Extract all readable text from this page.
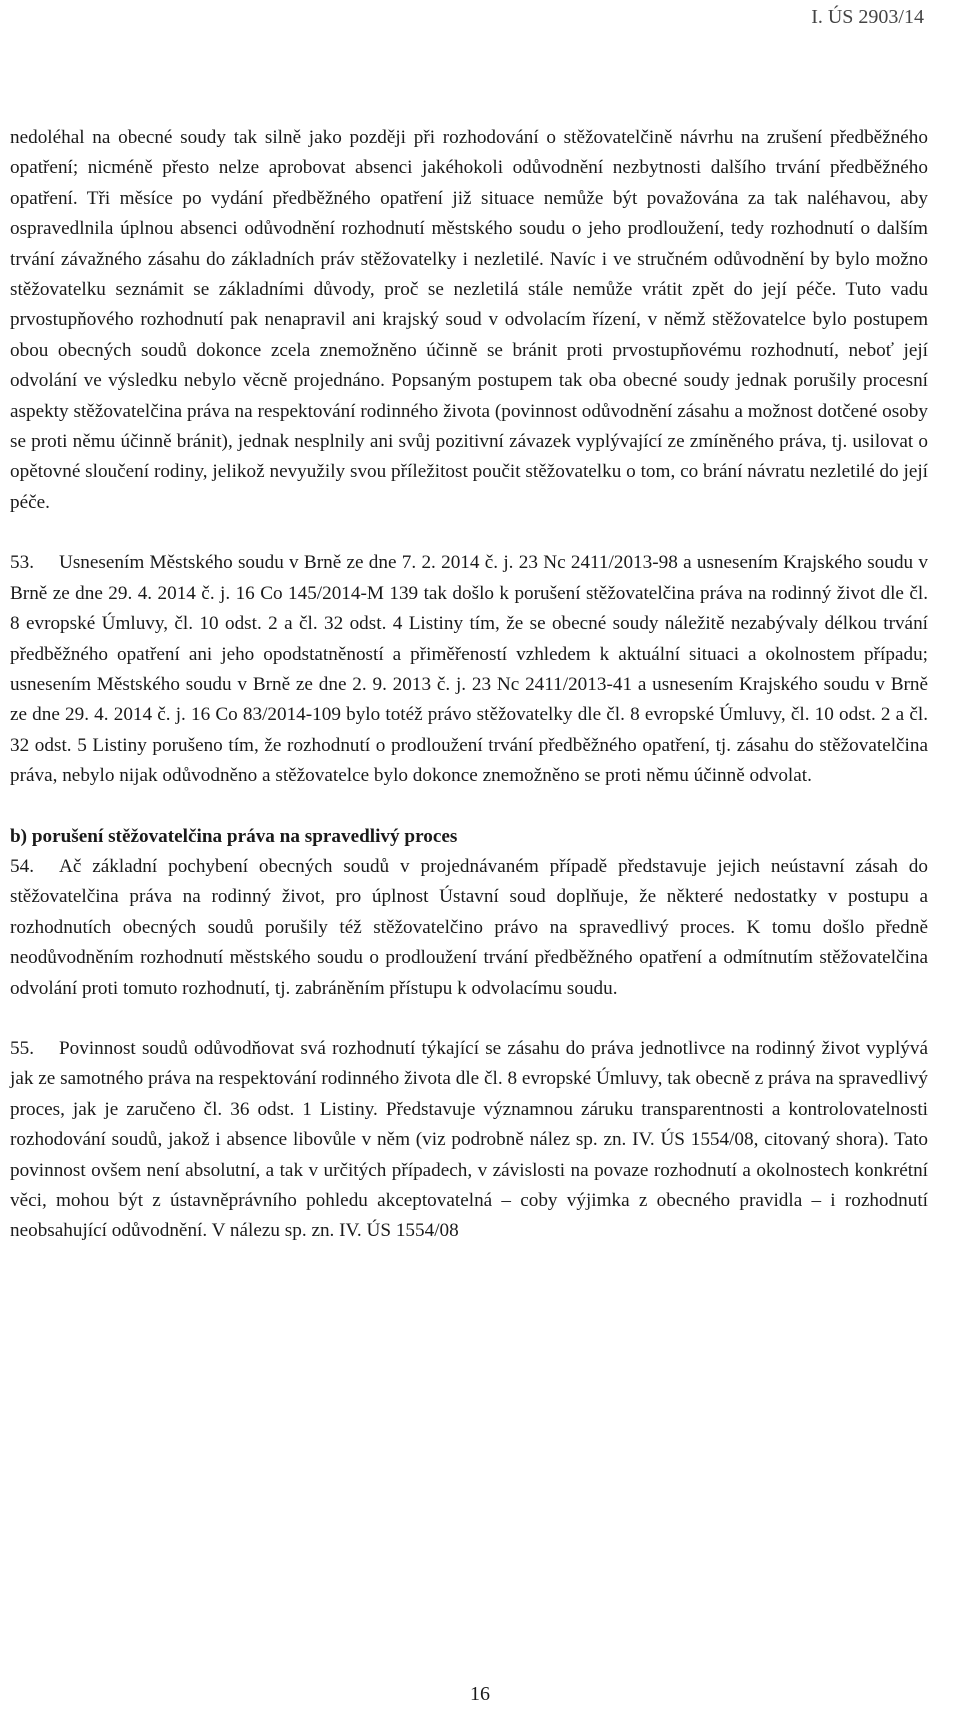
I. ÚS 2903/14

nedoléhal na obecné soudy tak silně jako později při rozhodování o stěžovatelčině návrhu na zrušení předběžného opatření; nicméně přesto nelze aprobovat absenci jakéhokoli odůvodnění nezbytnosti dalšího trvání předběžného opatření. Tři měsíce po vydání předběžného opatření již situace nemůže být považována za tak naléhavou, aby ospravedlnila úplnou absenci odůvodnění rozhodnutí městského soudu o jeho prodloužení, tedy rozhodnutí o dalším trvání závažného zásahu do základních práv stěžovatelky i nezletilé. Navíc i ve stručném odůvodnění by bylo možno stěžovatelku seznámit se základními důvody, proč se nezletilá stále nemůže vrátit zpět do její péče. Tuto vadu prvostupňového rozhodnutí pak nenapravil ani krajský soud v odvolacím řízení, v němž stěžovatelce bylo postupem obou obecných soudů dokonce zcela znemožněno účinně se bránit proti prvostupňovému rozhodnutí, neboť její odvolání ve výsledku nebylo věcně projednáno. Popsaným postupem tak oba obecné soudy jednak porušily procesní aspekty stěžovatelčina práva na respektování rodinného života (povinnost odůvodnění zásahu a možnost dotčené osoby se proti němu účinně bránit), jednak nesplnily ani svůj pozitivní závazek vyplývající ze zmíněného práva, tj. usilovat o opětovné sloučení rodiny, jelikož nevyužily svou příležitost poučit stěžovatelku o tom, co brání návratu nezletilé do její péče.

53. Usnesením Městského soudu v Brně ze dne 7. 2. 2014 č. j. 23 Nc 2411/2013-98 a usnesením Krajského soudu v Brně ze dne 29. 4. 2014 č. j. 16 Co 145/2014-M 139 tak došlo k porušení stěžovatelčina práva na rodinný život dle čl. 8 evropské Úmluvy, čl. 10 odst. 2 a čl. 32 odst. 4 Listiny tím, že se obecné soudy náležitě nezabývaly délkou trvání předběžného opatření ani jeho opodstatněností a přiměřeností vzhledem k aktuální situaci a okolnostem případu; usnesením Městského soudu v Brně ze dne 2. 9. 2013 č. j. 23 Nc 2411/2013-41 a usnesením Krajského soudu v Brně ze dne 29. 4. 2014 č. j. 16 Co 83/2014-109 bylo totéž právo stěžovatelky dle čl. 8 evropské Úmluvy, čl. 10 odst. 2 a čl. 32 odst. 5 Listiny porušeno tím, že rozhodnutí o prodloužení trvání předběžného opatření, tj. zásahu do stěžovatelčina práva, nebylo nijak odůvodněno a stěžovatelce bylo dokonce znemožněno se proti němu účinně odvolat.

b) porušení stěžovatelčina práva na spravedlivý proces

54. Ač základní pochybení obecných soudů v projednávaném případě představuje jejich neústavní zásah do stěžovatelčina práva na rodinný život, pro úplnost Ústavní soud doplňuje, že některé nedostatky v postupu a rozhodnutích obecných soudů porušily též stěžovatelčino právo na spravedlivý proces. K tomu došlo předně neodůvodněním rozhodnutí městského soudu o prodloužení trvání předběžného opatření a odmítnutím stěžovatelčina odvolání proti tomuto rozhodnutí, tj. zabráněním přístupu k odvolacímu soudu.

55. Povinnost soudů odůvodňovat svá rozhodnutí týkající se zásahu do práva jednotlivce na rodinný život vyplývá jak ze samotného práva na respektování rodinného života dle čl. 8 evropské Úmluvy, tak obecně z práva na spravedlivý proces, jak je zaručeno čl. 36 odst. 1 Listiny. Představuje významnou záruku transparentnosti a kontrolovatelnosti rozhodování soudů, jakož i absence libovůle v něm (viz podrobně nález sp. zn. IV. ÚS 1554/08, citovaný shora). Tato povinnost ovšem není absolutní, a tak v určitých případech, v závislosti na povaze rozhodnutí a okolnostech konkrétní věci, mohou být z ústavněprávního pohledu akceptovatelná – coby výjimka z obecného pravidla – i rozhodnutí neobsahující odůvodnění. V nálezu sp. zn. IV. ÚS 1554/08

16
